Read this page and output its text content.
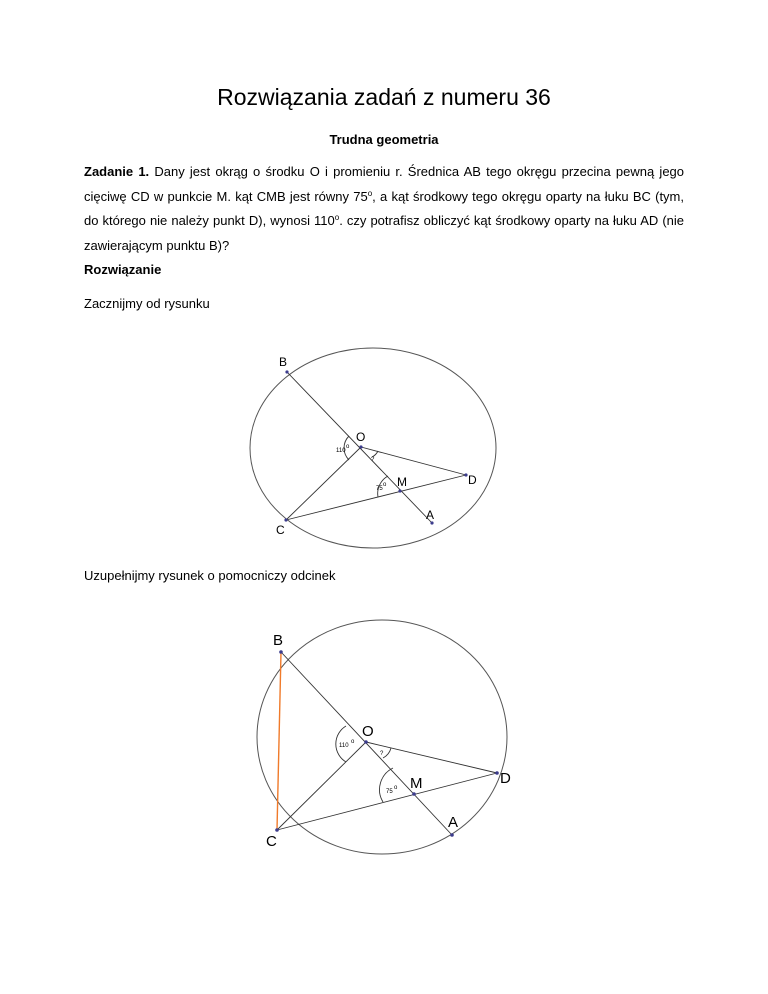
Rozwiązania zadań z numeru 36

Trudna geometria

Zadanie 1. Dany jest okrąg o środku O i promieniu r. Średnica AB tego okręgu przecina pewną jego cięciwę CD w punkcie M. kąt CMB jest równy 75$^o$, a kąt środkowy tego okręgu oparty na łuku BC (tym, do którego nie należy punkt D), wynosi 110$^o$. czy potrafisz obliczyć kąt środkowy oparty na łuku AD (nie zawierającym punktu B)?

Rozwiązanie

Zacznijmy od rysunku

Uzupełnijmy rysunek o pomocniczy odcinek

B
O
D
M
A
C
110
o
?
75
o
B
O
D
M
A
C
110
o
?
75
o
